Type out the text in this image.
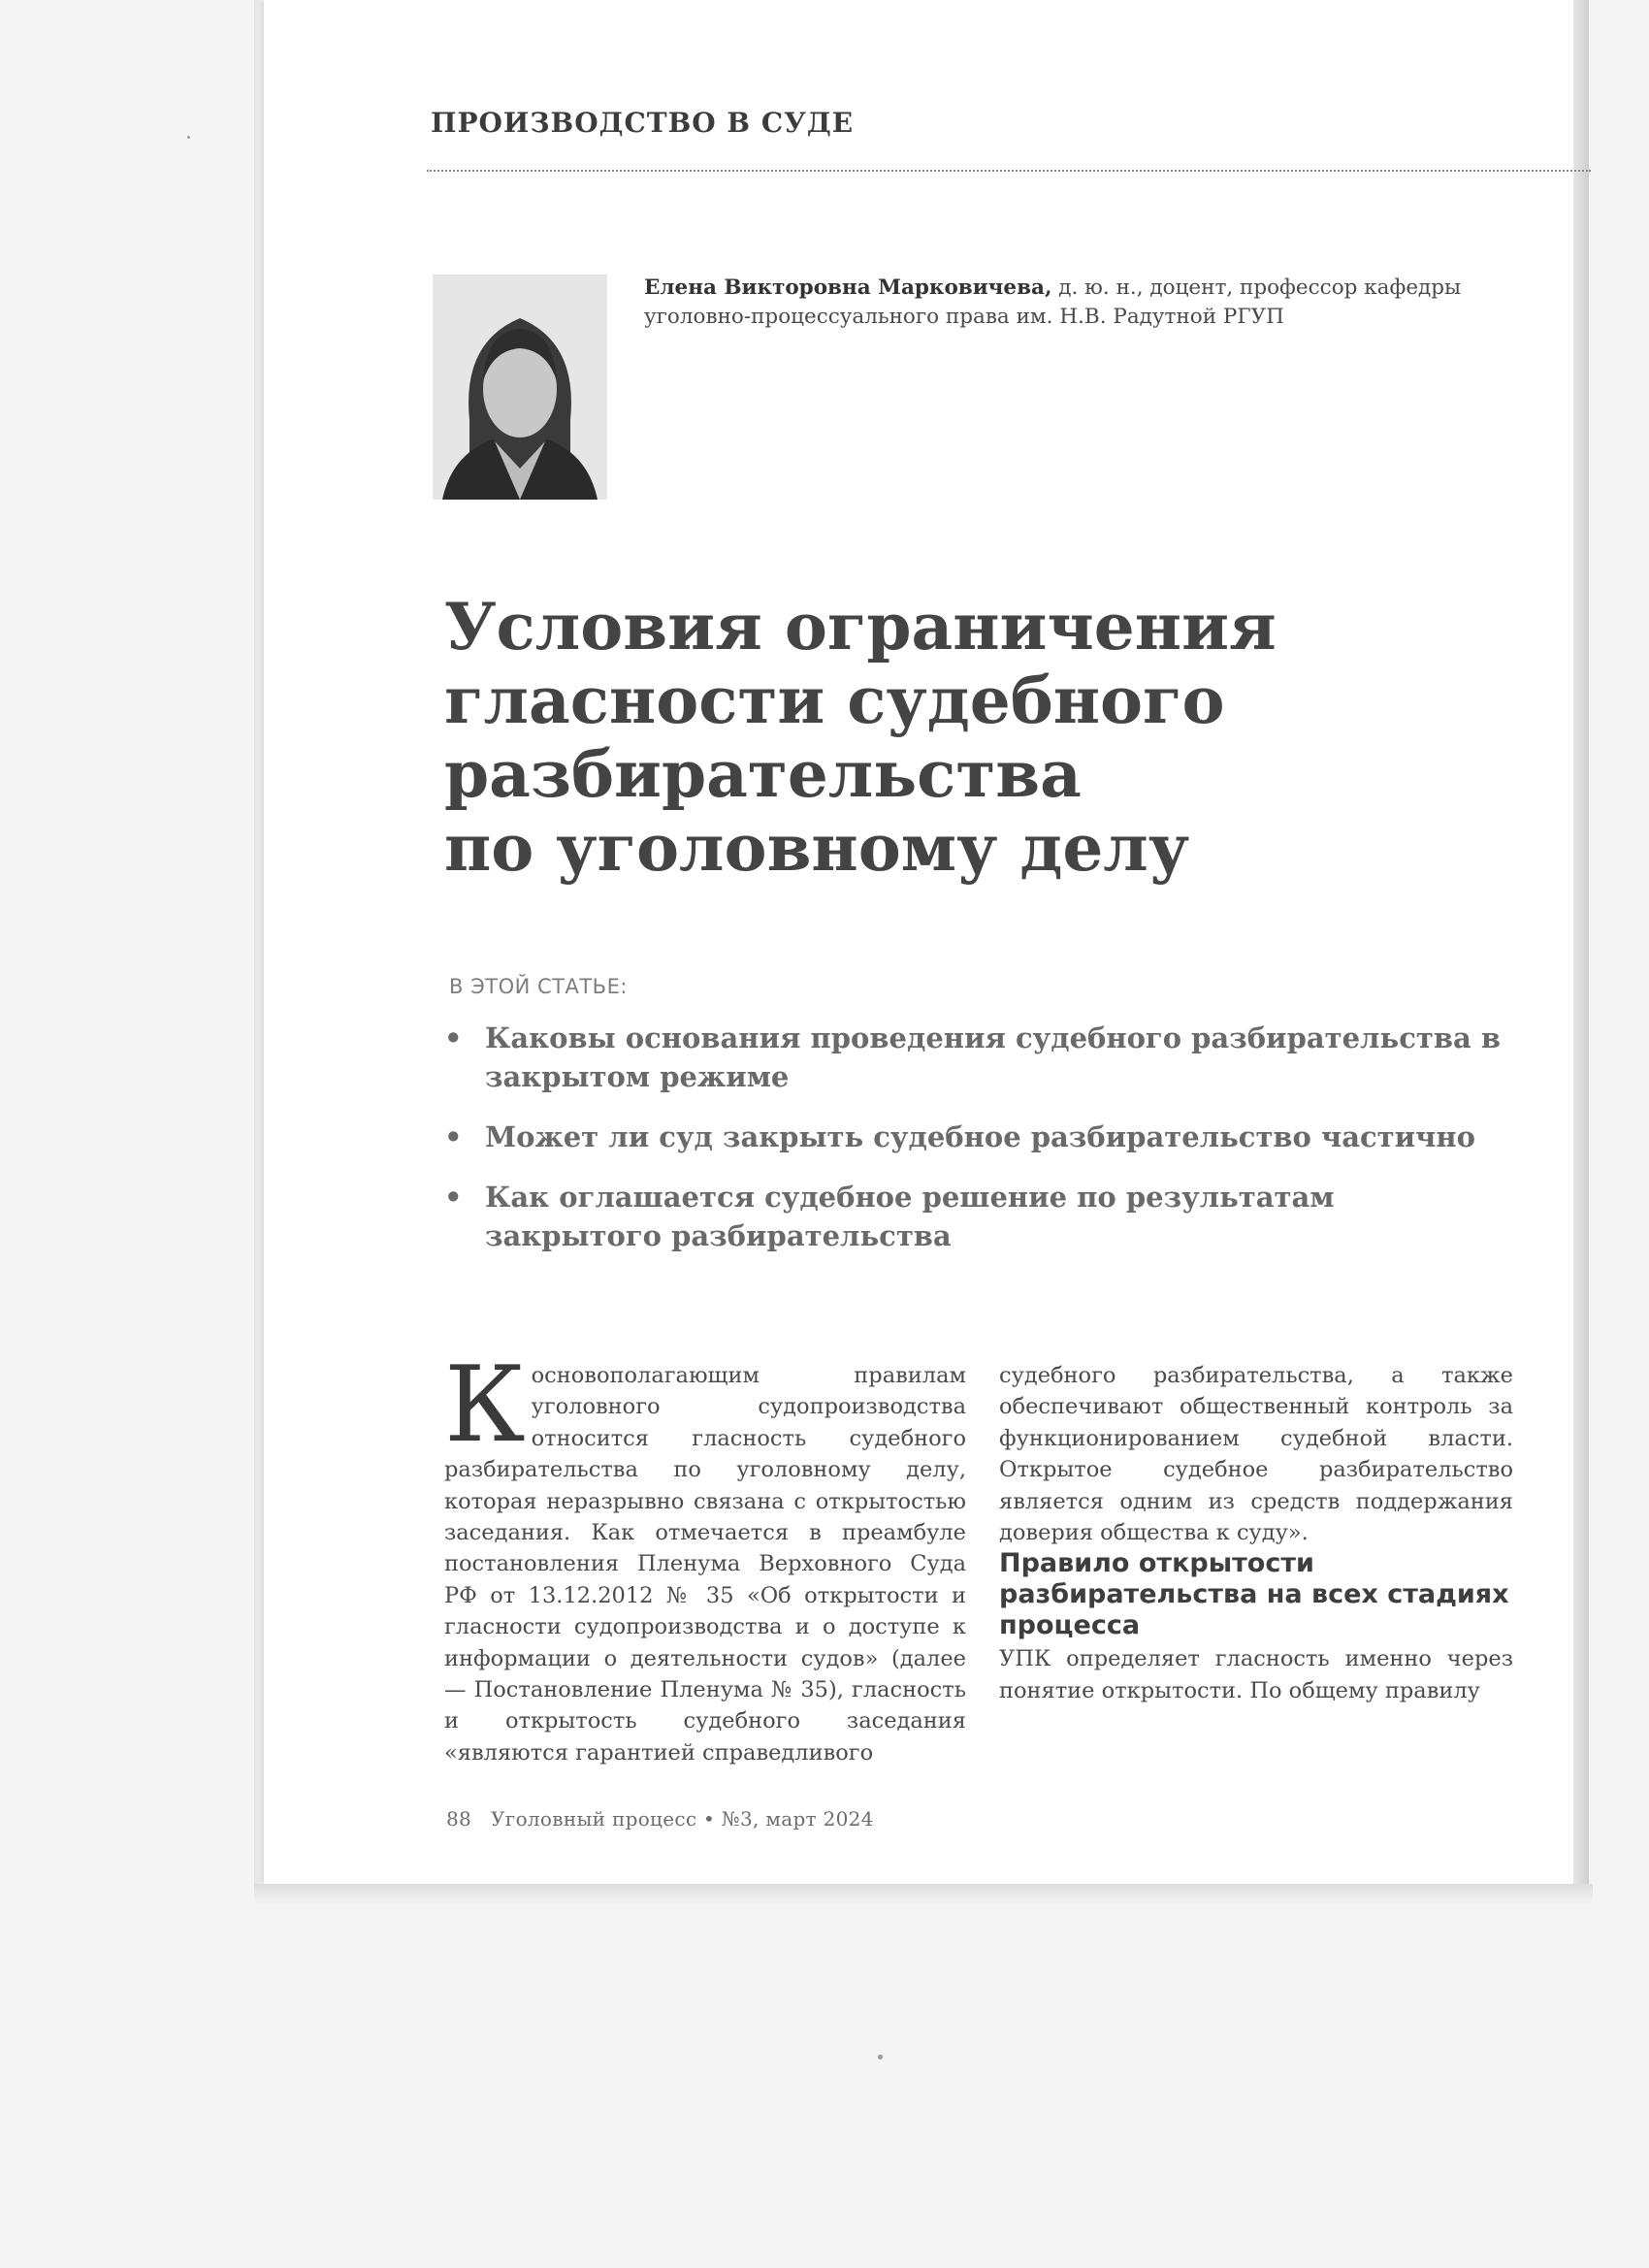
ПРОИЗВОДСТВО В СУДЕ
Елена Викторовна Марковичева, д. ю. н., доцент, профессор кафедры
уголовно-процессуального права им. Н.В. Радутной РГУП
Условия ограничения
гласности судебного
разбирательства
по уголовному делу
В ЭТОЙ СТАТЬЕ:
• Каковы основания проведения судебного разбирательства в закрытом режиме
• Может ли суд закрыть судебное разбирательство частично
• Как оглашается судебное решение по результатам закрытого разбирательства
К основополагающим правилам уголовного судопроизводства относится гласность судебного разбирательства по уголовному делу, которая неразрывно связана с открытостью заседания. Как отмечается в преамбуле постановления Пленума Верховного Суда РФ от 13.12.2012 № 35 «Об открытости и гласности судопроизводства и о доступе к информации о деятельности судов» (далее — Постановление Пленума № 35), гласность и открытость судебного заседания «являются гарантией справедливого

судебного разбирательства, а также обеспечивают общественный контроль за функционированием судебной власти. Открытое судебное разбирательство является одним из средств поддержания доверия общества к суду».

Правило открытости разбирательства на всех стадиях процесса

УПК определяет гласность именно через понятие открытости. По общему правилу

88 Уголовный процесс • №3, март 2024
